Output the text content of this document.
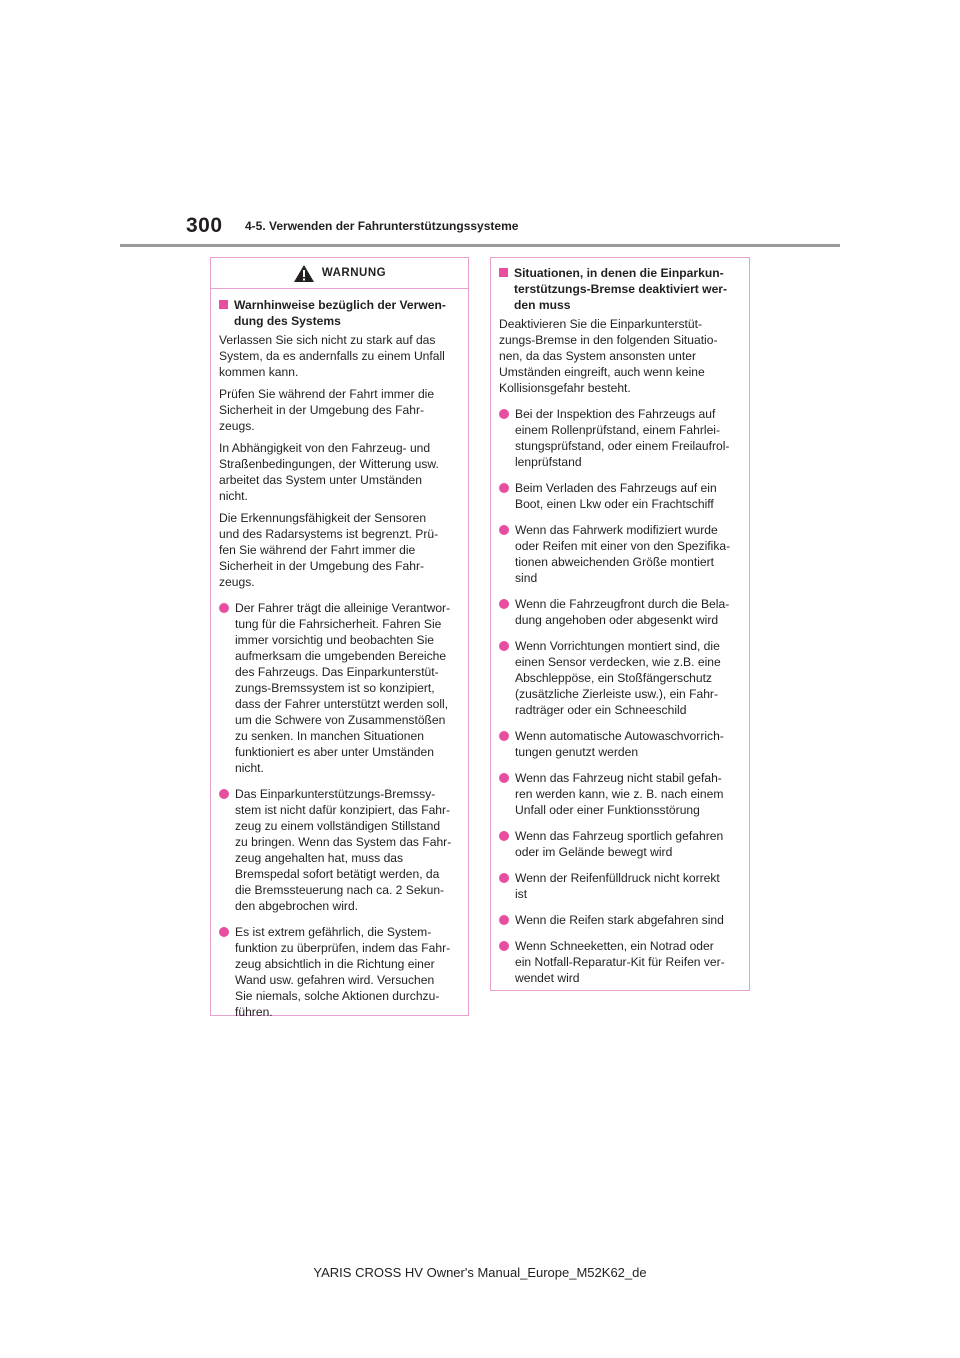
300 4-5. Verwenden der Fahrunterstützungssysteme
WARNUNG
Warnhinweise bezüglich der Verwen-
dung des Systems
Verlassen Sie sich nicht zu stark auf das
System, da es andernfalls zu einem Unfall
kommen kann.
Prüfen Sie während der Fahrt immer die
Sicherheit in der Umgebung des Fahr-
zeugs.
In Abhängigkeit von den Fahrzeug- und
Straßenbedingungen, der Witterung usw.
arbeitet das System unter Umständen
nicht.
Die Erkennungsfähigkeit der Sensoren
und des Radarsystems ist begrenzt. Prü-
fen Sie während der Fahrt immer die
Sicherheit in der Umgebung des Fahr-
zeugs.
Der Fahrer trägt die alleinige Verantwor-
tung für die Fahrsicherheit. Fahren Sie
immer vorsichtig und beobachten Sie
aufmerksam die umgebenden Bereiche
des Fahrzeugs. Das Einparkunterstüt-
zungs-Bremssystem ist so konzipiert,
dass der Fahrer unterstützt werden soll,
um die Schwere von Zusammenstößen
zu senken. In manchen Situationen
funktioniert es aber unter Umständen
nicht.
Das Einparkunterstützungs-Bremssy-
stem ist nicht dafür konzipiert, das Fahr-
zeug zu einem vollständigen Stillstand
zu bringen. Wenn das System das Fahr-
zeug angehalten hat, muss das
Bremspedal sofort betätigt werden, da
die Bremssteuerung nach ca. 2 Sekun-
den abgebrochen wird.
Es ist extrem gefährlich, die System-
funktion zu überprüfen, indem das Fahr-
zeug absichtlich in die Richtung einer
Wand usw. gefahren wird. Versuchen
Sie niemals, solche Aktionen durchzu-
führen.
Situationen, in denen die Einparkun-
terstützungs-Bremse deaktiviert wer-
den muss
Deaktivieren Sie die Einparkunterstüt-
zungs-Bremse in den folgenden Situatio-
nen, da das System ansonsten unter
Umständen eingreift, auch wenn keine
Kollisionsgefahr besteht.
Bei der Inspektion des Fahrzeugs auf
einem Rollenprüfstand, einem Fahrlei-
stungsprüfstand, oder einem Freilaufrol-
lenprüfstand
Beim Verladen des Fahrzeugs auf ein
Boot, einen Lkw oder ein Frachtschiff
Wenn das Fahrwerk modifiziert wurde
oder Reifen mit einer von den Spezifika-
tionen abweichenden Größe montiert
sind
Wenn die Fahrzeugfront durch die Bela-
dung angehoben oder abgesenkt wird
Wenn Vorrichtungen montiert sind, die
einen Sensor verdecken, wie z.B. eine
Abschleppöse, ein Stoßfängerschutz
(zusätzliche Zierleiste usw.), ein Fahr-
radträger oder ein Schneeschild
Wenn automatische Autowaschvorrich-
tungen genutzt werden
Wenn das Fahrzeug nicht stabil gefah-
ren werden kann, wie z. B. nach einem
Unfall oder einer Funktionsstörung
Wenn das Fahrzeug sportlich gefahren
oder im Gelände bewegt wird
Wenn der Reifenfülldruck nicht korrekt
ist
Wenn die Reifen stark abgefahren sind
Wenn Schneeketten, ein Notrad oder
ein Notfall-Reparatur-Kit für Reifen ver-
wendet wird
YARIS CROSS HV Owner's Manual_Europe_M52K62_de
